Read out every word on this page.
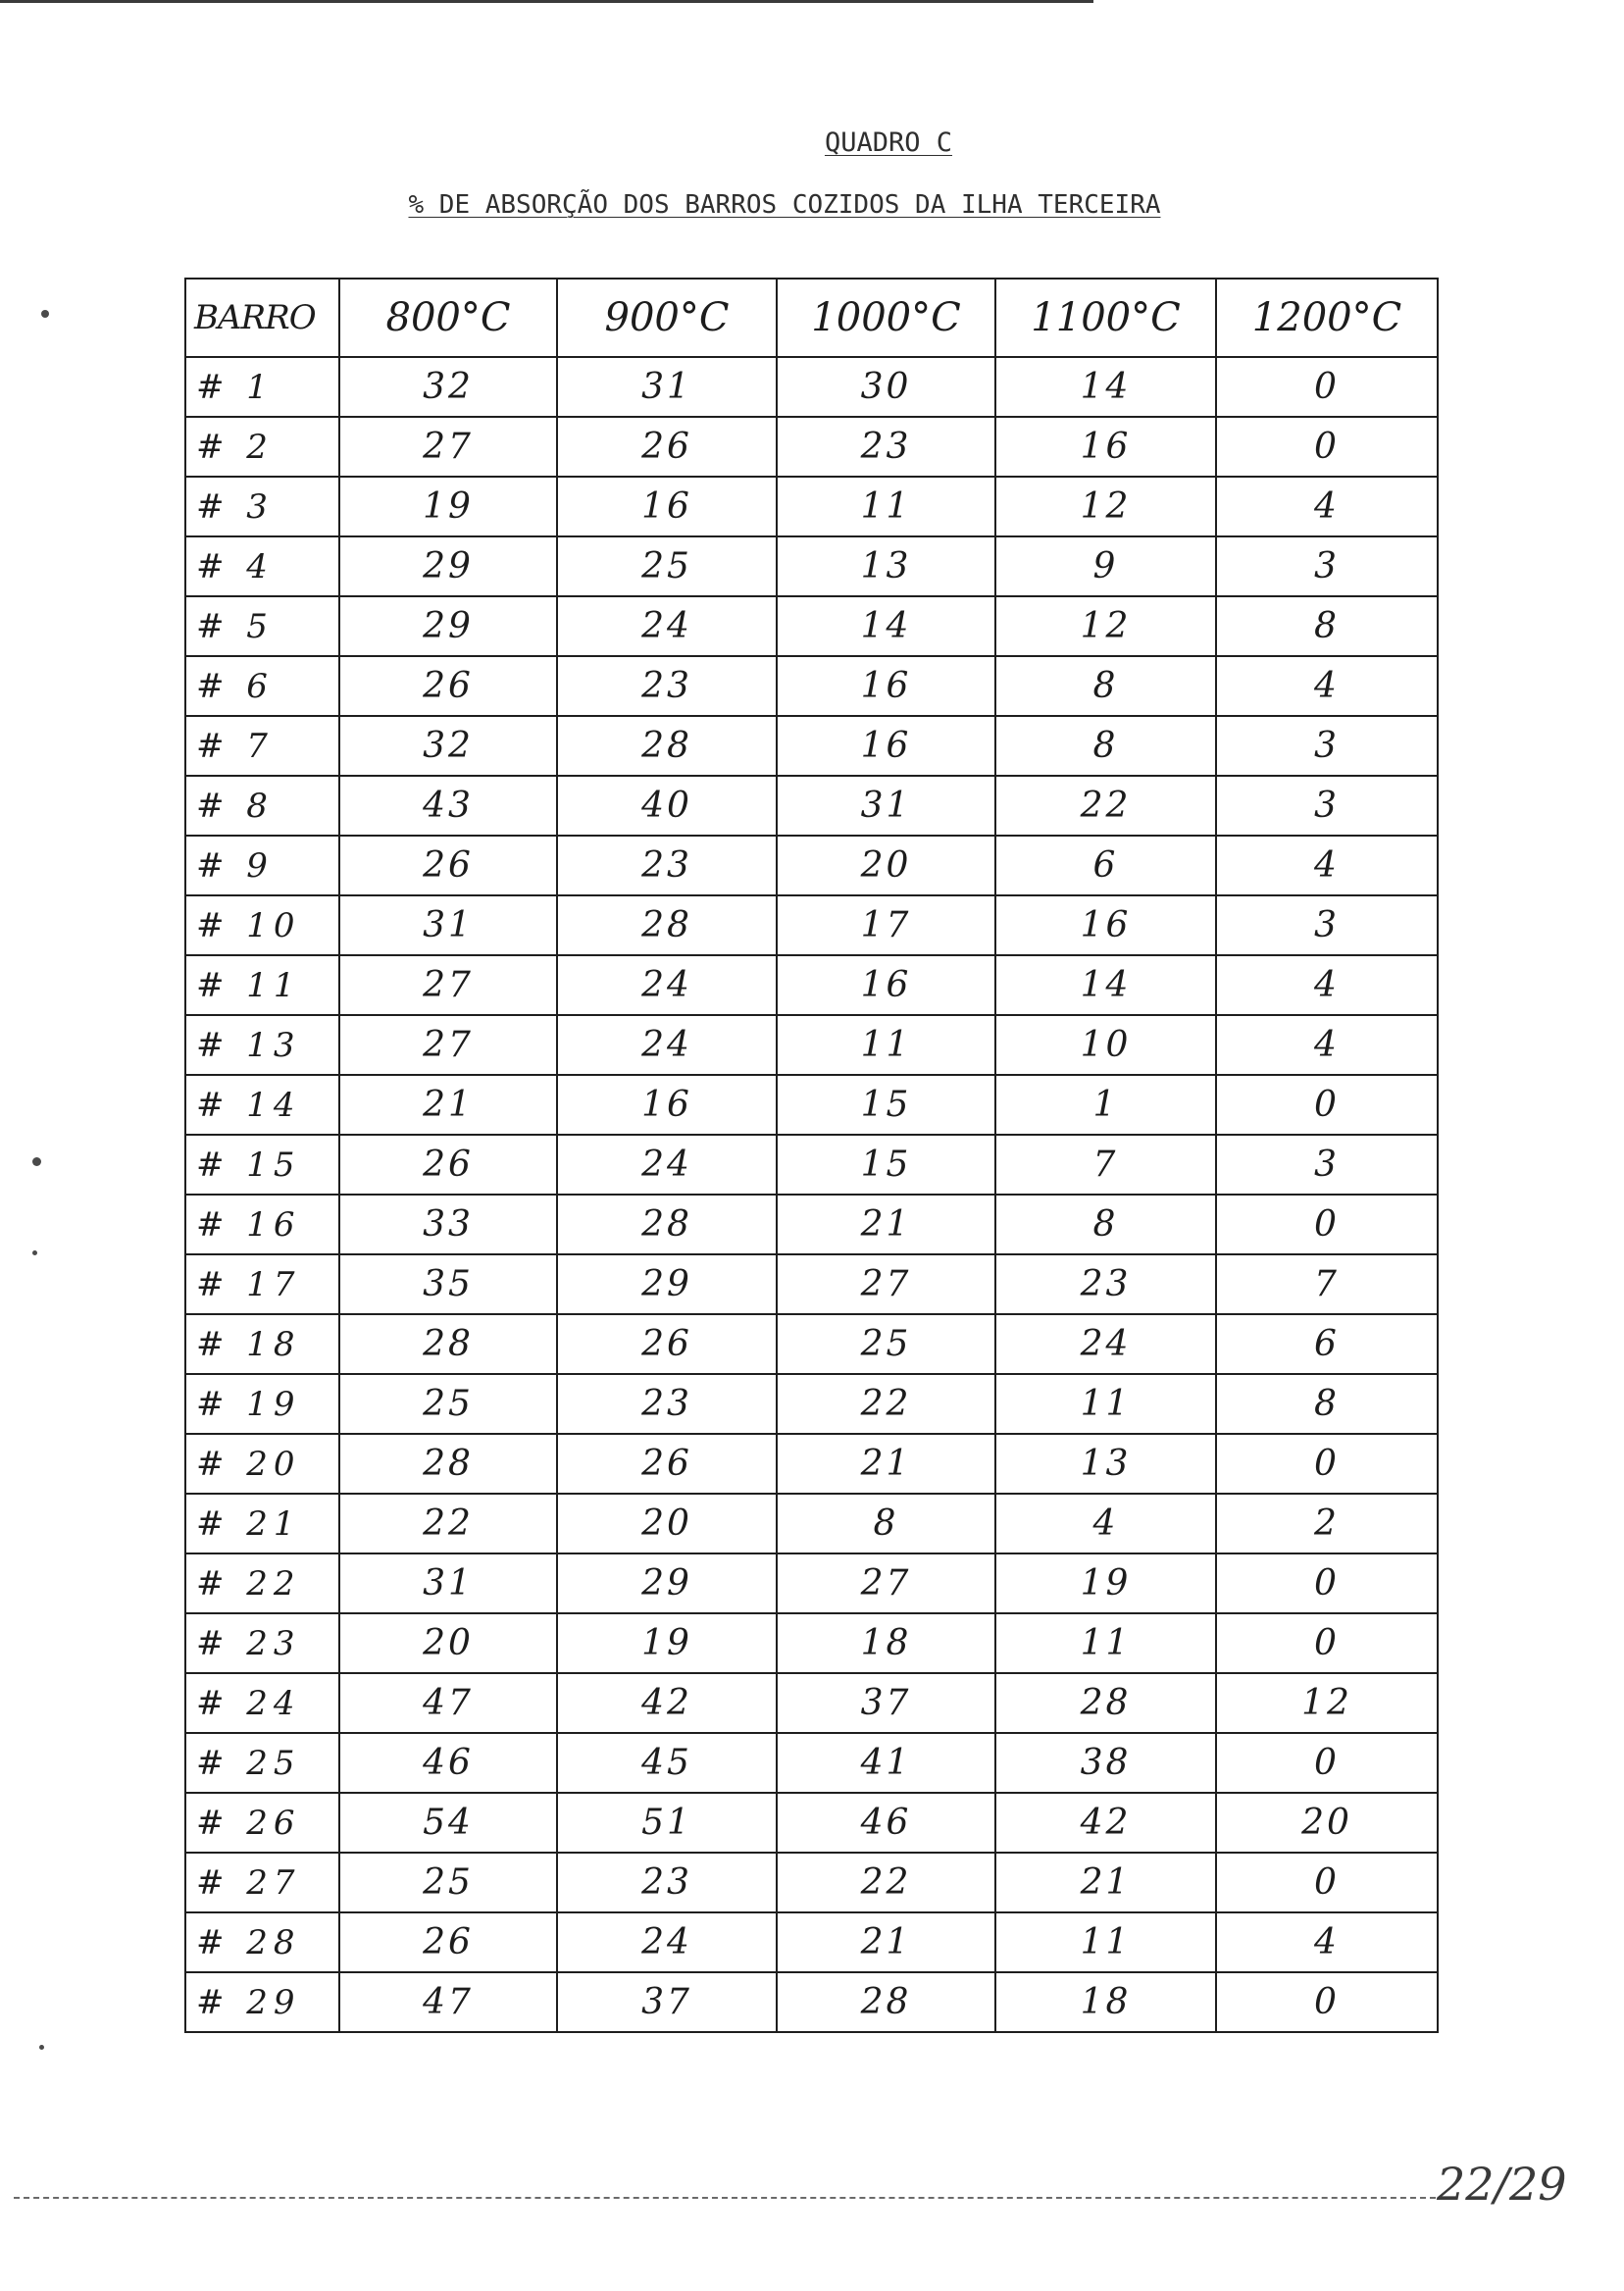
QUADRO C
% DE ABSORÇÃO DOS BARROS COZIDOS DA ILHA TERCEIRA
BARRO	800°C	900°C	1000°C	1100°C	1200°C
# 1	32	31	30	14	0
# 2	27	26	23	16	0
# 3	19	16	11	12	4
# 4	29	25	13	9	3
# 5	29	24	14	12	8
# 6	26	23	16	8	4
# 7	32	28	16	8	3
# 8	43	40	31	22	3
# 9	26	23	20	6	4
# 10	31	28	17	16	3
# 11	27	24	16	14	4
# 13	27	24	11	10	4
# 14	21	16	15	1	0
# 15	26	24	15	7	3
# 16	33	28	21	8	0
# 17	35	29	27	23	7
# 18	28	26	25	24	6
# 19	25	23	22	11	8
# 20	28	26	21	13	0
# 21	22	20	8	4	2
# 22	31	29	27	19	0
# 23	20	19	18	11	0
# 24	47	42	37	28	12
# 25	46	45	41	38	0
# 26	54	51	46	42	20
# 27	25	23	22	21	0
# 28	26	24	21	11	4
# 29	47	37	28	18	0
22/29
